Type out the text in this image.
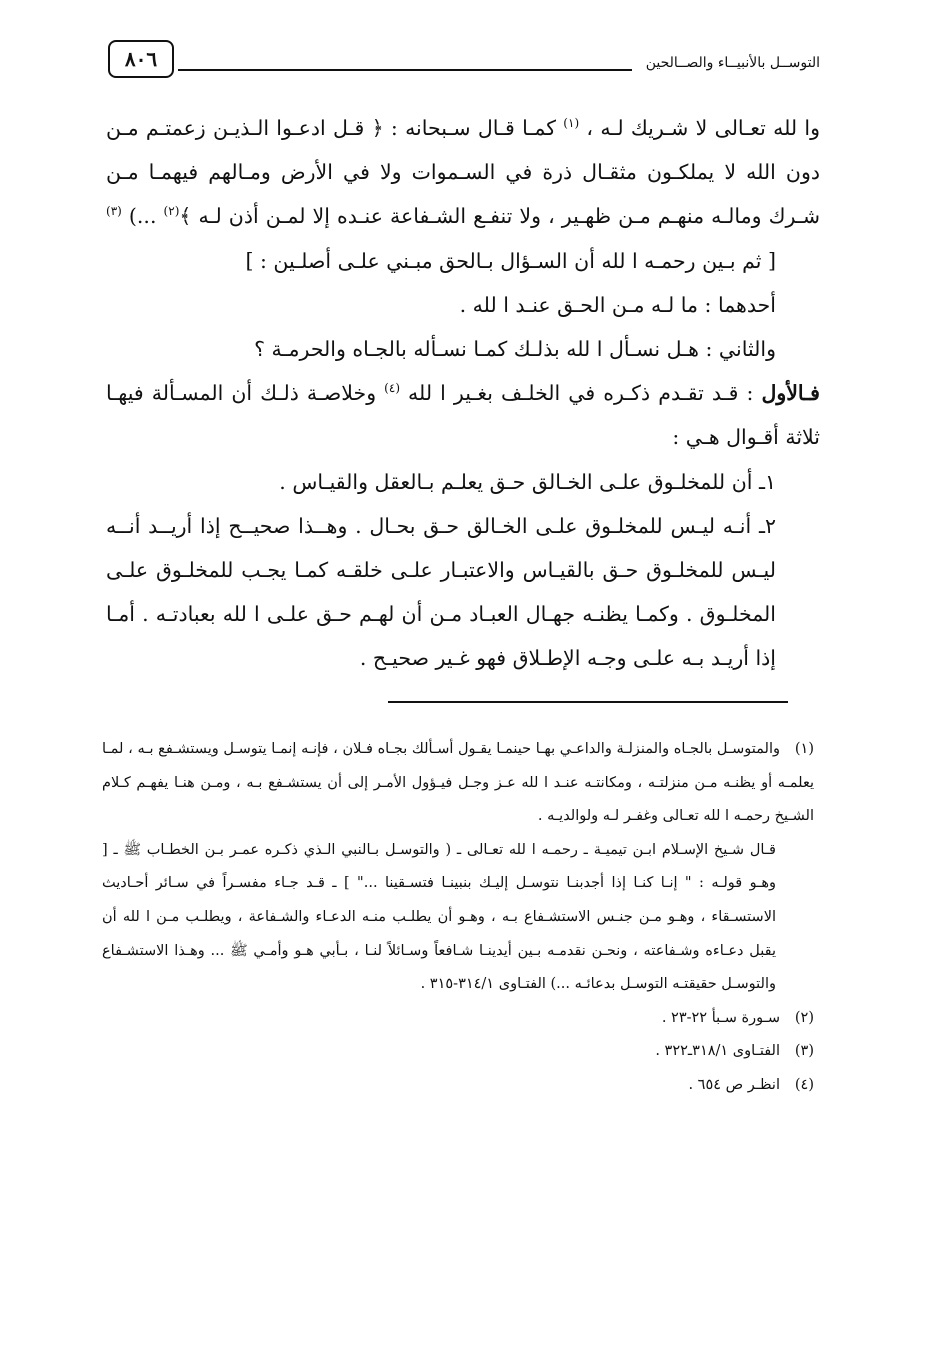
٨٠٦	التوســل بالأنبيــاء والصــالحين

وا لله تعـالى لا شـريك لـه ، $^{(١)}$ كمـا قـال سـبحانه : ﴿ قـل ادعـوا الـذيـن زعمتـم مـن دون الله لا يملكـون مثقـال ذرة في السـموات ولا في الأرض ومـالهم فيهمـا مـن شـرك ومالـه منهـم مـن ظهـير ، ولا تنفـع الشـفاعة عنـده إلا لمـن أذن لـه ﴾$^{(٢)}$ ...) $^{(٣)}$

[ ثم بـين رحمـه ا لله أن السـؤال بـالحق مبـني علـى أصلـين : ]

أحدهما : ما لـه مـن الحـق عنـد ا لله .

والثاني : هـل نسـأل ا لله بذلـك كمـا نسـأله بالجـاه والحرمـة ؟

فـالأول : قـد تقـدم ذكـره في الخلـف بغـير ا لله $^{(٤)}$ وخلاصـة ذلـك أن المسـألة فيهـا ثلاثة أقـوال هـي :

١ـ أن للمخلـوق علـى الخـالق حـق يعلـم بـالعقل والقيـاس .

٢ـ أنـه ليـس للمخلـوق علـى الخـالق حـق بحـال . وهــذا صحيــح إذا أريــد أنــه ليـس للمخلـوق حـق بالقيـاس والاعتبـار علـى خلقـه كمـا يجـب للمخلـوق علـى المخلـوق . وكمـا يظنـه جهـال العبـاد مـن أن لهـم حـق علـى ا لله بعبادتـه . أمـا إذا أريـد بـه علـى وجـه الإطـلاق فهو غـير صحيـح .

(١)والمتوسـل بالجـاه والمنزلـة والداعـي بهـا حينمـا يقـول أسـألك بجـاه فـلان ، فإنـه إنمـا يتوسـل ويستشـفع بـه ، لمـا يعلمـه أو يظنـه مـن منزلتـه ، ومكانتـه عنـد ا لله عـز وجـل فيـؤول الأمـر إلى أن يستشـفع بـه ، ومـن هنـا يفهـم كـلام الشـيخ رحمـه ا لله تعـالى وغفـر لـه ولوالديـه .

قـال شـيخ الإسـلام ابـن تيميـة ـ رحمـه ا لله تعـالى ـ ( والتوسـل بـالنبي الـذي ذكـره عمـر بـن الخطـاب ﷺ ـ [ وهـو قولـه : " إنـا كنـا إذا أجدبنـا نتوسـل إليـك بنبينـا فتسـقينا ..." ] ـ قـد جـاء مفسـراً في سـائر أحـاديث الاستسـقاء ، وهـو مـن جنـس الاستشـفاع بـه ، وهـو أن يطلـب منـه الدعـاء والشـفاعة ، ويطلـب مـن ا لله أن يقبل دعـاءه وشـفاعته ، ونحـن نقدمـه بـين أيدينـا شـافعاً وسـائلاً لنـا ، بـأبي هـو وأمـي ﷺ ... وهـذا الاستشـفاع والتوسـل حقيقتـه التوسـل بدعائـه ...) الفتـاوى ٣١٤/١-٣١٥ .

(٢)سـورة سـبأ ٢٢-٢٣ .

(٣)الفتـاوى ٣١٨/١ـ٣٢٢ .

(٤)انظـر ص ٦٥٤ .
